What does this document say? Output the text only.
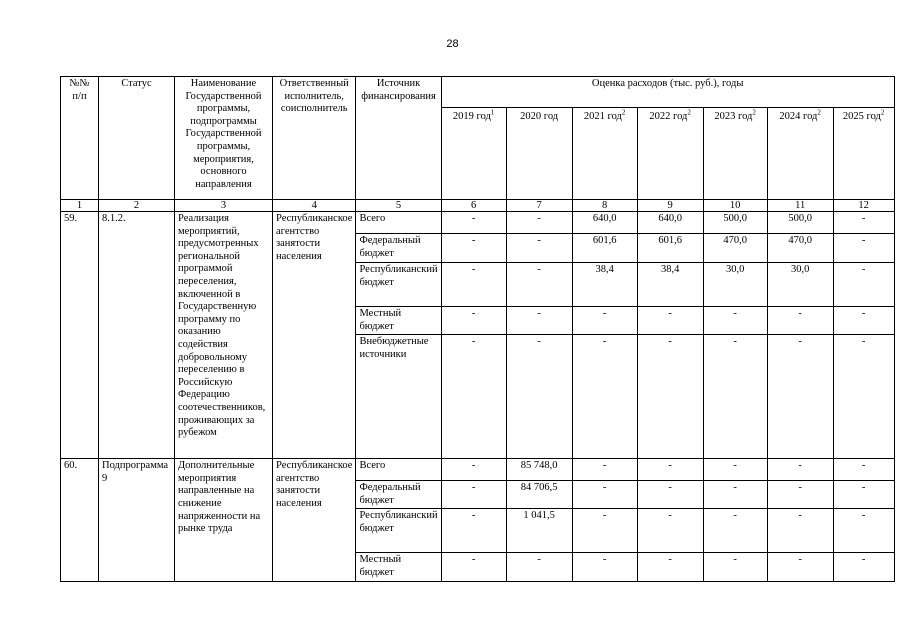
28
№№ п/п	Статус	Наименование Государственной программы, подпрограммы Государственной программы, мероприятия, основного направления	Ответственный исполнитель, соисполнитель	Источник финансирования	Оценка расходов (тыс. руб.), годы						
					2019 год$^1$	2020 год	2021 год$^2$	2022 год$^2$	2023 год$^2$	2024 год$^2$	2025 год$^2$
1	2	3	4	5	6	7	8	9	10	11	12
59.	8.1.2.	Реализация мероприятий, предусмотренных региональной программой переселения, включенной в Государственную программу по оказанию содействия добровольному переселению в Российскую Федерацию соотечественников, проживающих за рубежом	Республиканское агентство занятости населения	Всего	-	-	640,0	640,0	500,0	500,0	-
				Федеральный бюджет	-	-	601,6	601,6	470,0	470,0	-
				Республиканский бюджет	-	-	38,4	38,4	30,0	30,0	-
				Местный бюджет	-	-	-	-	-	-	-
				Внебюджетные источники	-	-	-	-	-	-	-
60.	Подпрограмма 9	Дополнительные мероприятия направленные на снижение напряженности на рынке труда	Республиканское агентство занятости населения	Всего	-	85 748,0	-	-	-	-	-
				Федеральный бюджет	-	84 706,5	-	-	-	-	-
				Республиканский бюджет	-	1 041,5	-	-	-	-	-
				Местный бюджет	-	-	-	-	-	-	-
